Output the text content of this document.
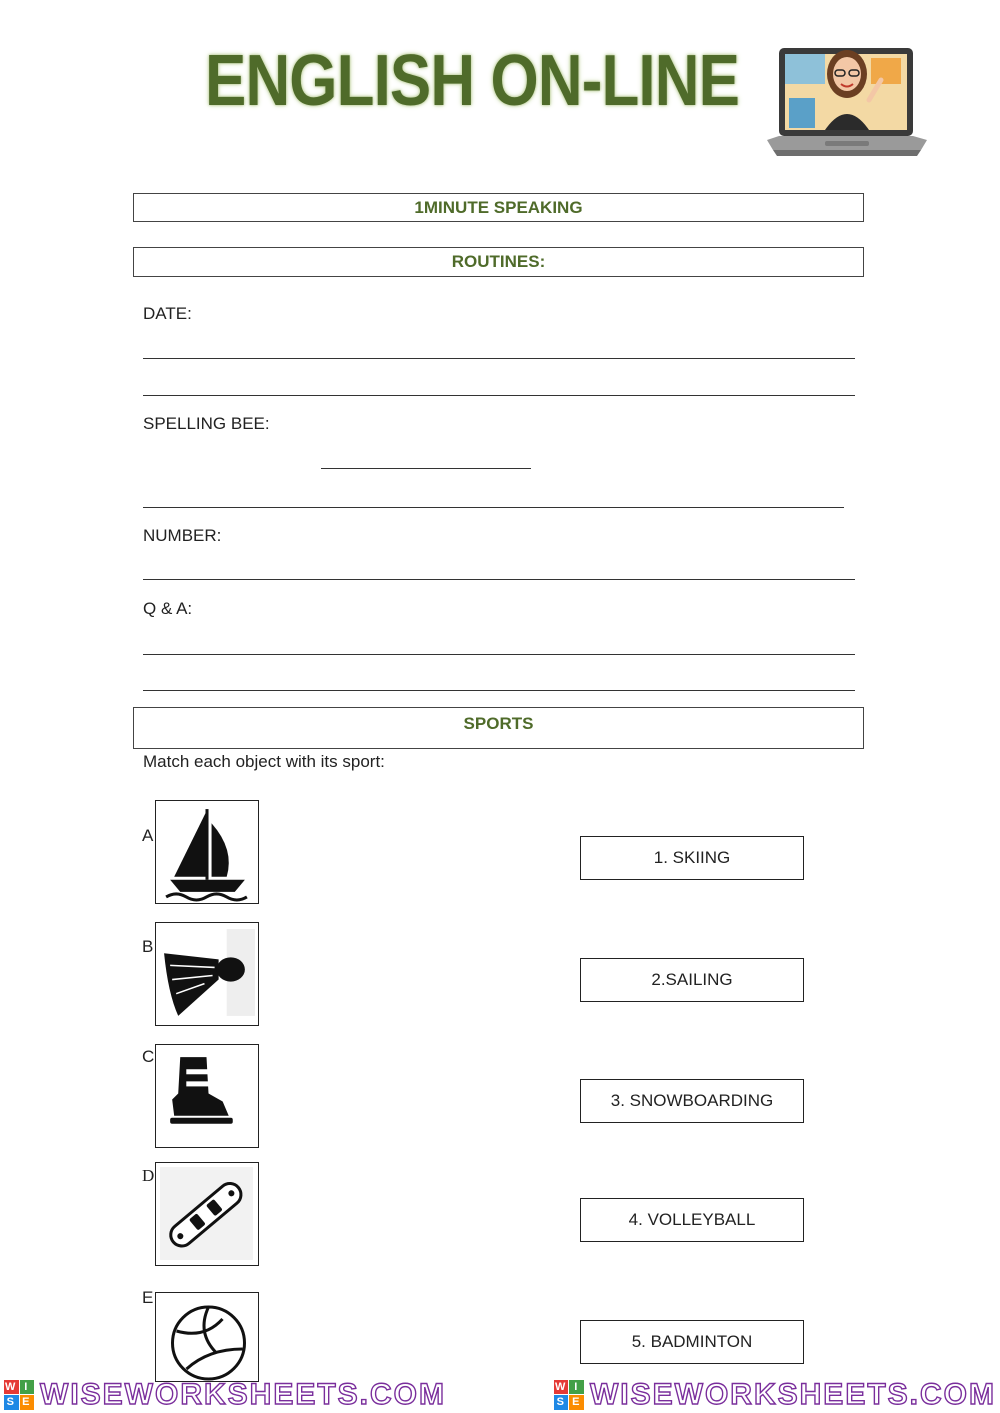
ENGLISH ON-LINE
1MINUTE SPEAKING
ROUTINES:
DATE:
SPELLING BEE:
NUMBER:
Q & A:
SPORTS
Match each object with its sport:
A
B
C
D
E
1. SKIING
2.SAILING
3. SNOWBOARDING
4. VOLLEYBALL
5. BADMINTON
W I
S E WISEWORKSHEETS.COM	W I
S E WISEWORKSHEETS.COM
